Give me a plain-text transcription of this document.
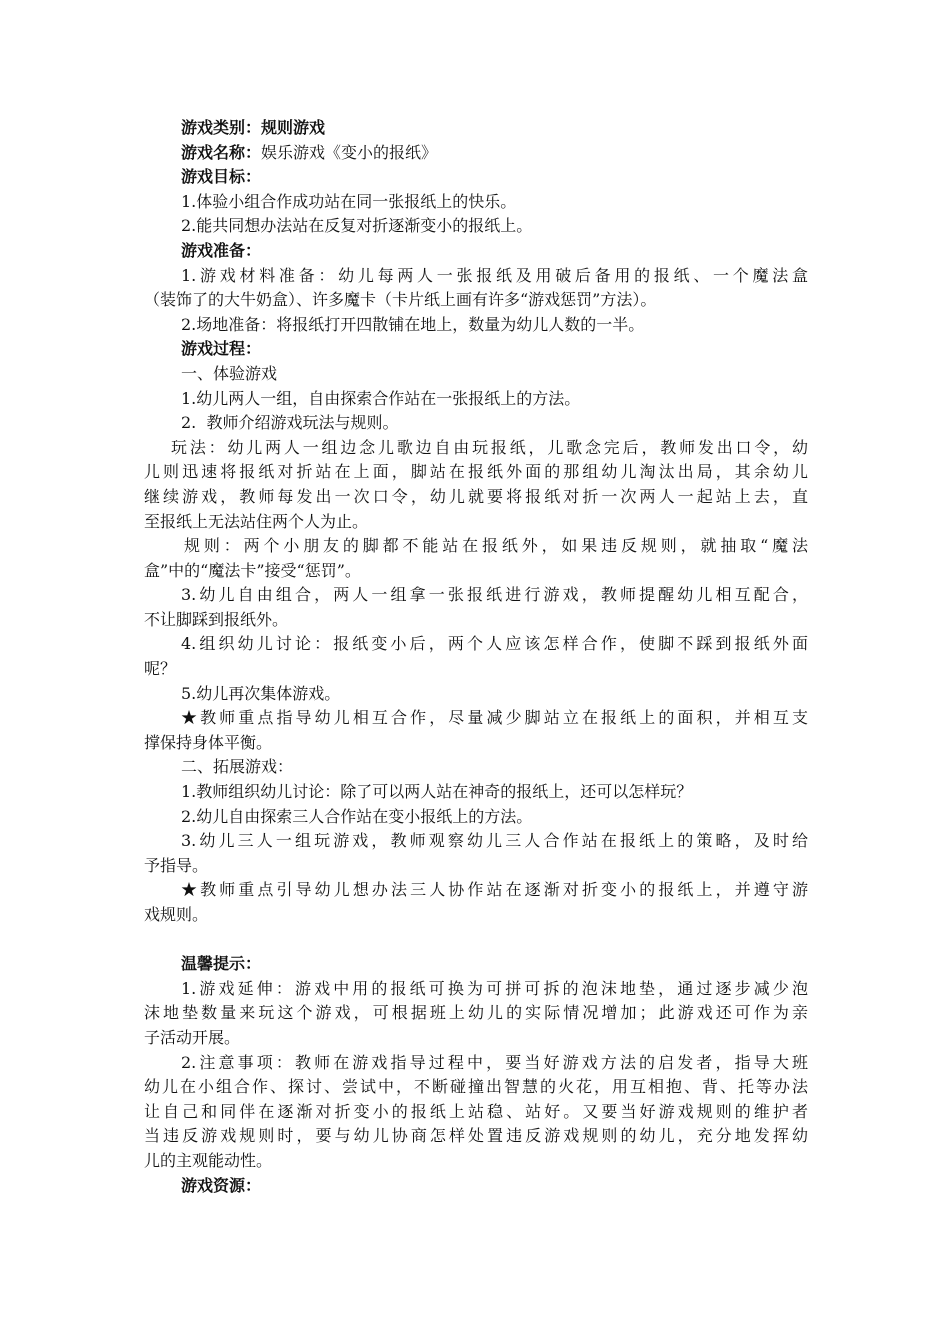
游戏类别：规则游戏
游戏名称：娱乐游戏《变小的报纸》
游戏目标：
1.体验小组合作成功站在同一张报纸上的快乐。
2.能共同想办法站在反复对折逐渐变小的报纸上。
游戏准备：
1.游戏材料准备：幼儿每两人一张报纸及用破后备用的报纸、一个魔法盒
（装饰了的大牛奶盒）、许多魔卡（卡片纸上画有许多“游戏惩罚”方法）。
2.场地准备：将报纸打开四散铺在地上，数量为幼儿人数的一半。
游戏过程：
一、体验游戏
1.幼儿两人一组，自由探索合作站在一张报纸上的方法。
2.  教师介绍游戏玩法与规则。
玩法：幼儿两人一组边念儿歌边自由玩报纸，儿歌念完后，教师发出口令，幼
儿则迅速将报纸对折站在上面，脚站在报纸外面的那组幼儿淘汰出局，其余幼儿
继续游戏，教师每发出一次口令，幼儿就要将报纸对折一次两人一起站上去，直
至报纸上无法站住两个人为止。
规则：两个小朋友的脚都不能站在报纸外，如果违反规则，就抽取“魔法
盒”中的“魔法卡”接受“惩罚”。
3.幼儿自由组合，两人一组拿一张报纸进行游戏，教师提醒幼儿相互配合，
不让脚踩到报纸外。
4.组织幼儿讨论：报纸变小后，两个人应该怎样合作，使脚不踩到报纸外面
呢？
5.幼儿再次集体游戏。
★教师重点指导幼儿相互合作，尽量减少脚站立在报纸上的面积，并相互支
撑保持身体平衡。
二、拓展游戏：
1.教师组织幼儿讨论：除了可以两人站在神奇的报纸上，还可以怎样玩？
2.幼儿自由探索三人合作站在变小报纸上的方法。
3.幼儿三人一组玩游戏，教师观察幼儿三人合作站在报纸上的策略，及时给
予指导。
★教师重点引导幼儿想办法三人协作站在逐渐对折变小的报纸上，并遵守游
戏规则。
温馨提示：
1.游戏延伸：游戏中用的报纸可换为可拼可拆的泡沫地垫，通过逐步减少泡
沫地垫数量来玩这个游戏，可根据班上幼儿的实际情况增加；此游戏还可作为亲
子活动开展。
2.注意事项：教师在游戏指导过程中，要当好游戏方法的启发者，指导大班
幼儿在小组合作、探讨、尝试中，不断碰撞出智慧的火花，用互相抱、背、托等办法
让自己和同伴在逐渐对折变小的报纸上站稳、站好。又要当好游戏规则的维护者
当违反游戏规则时，要与幼儿协商怎样处置违反游戏规则的幼儿，充分地发挥幼
儿的主观能动性。
游戏资源：
